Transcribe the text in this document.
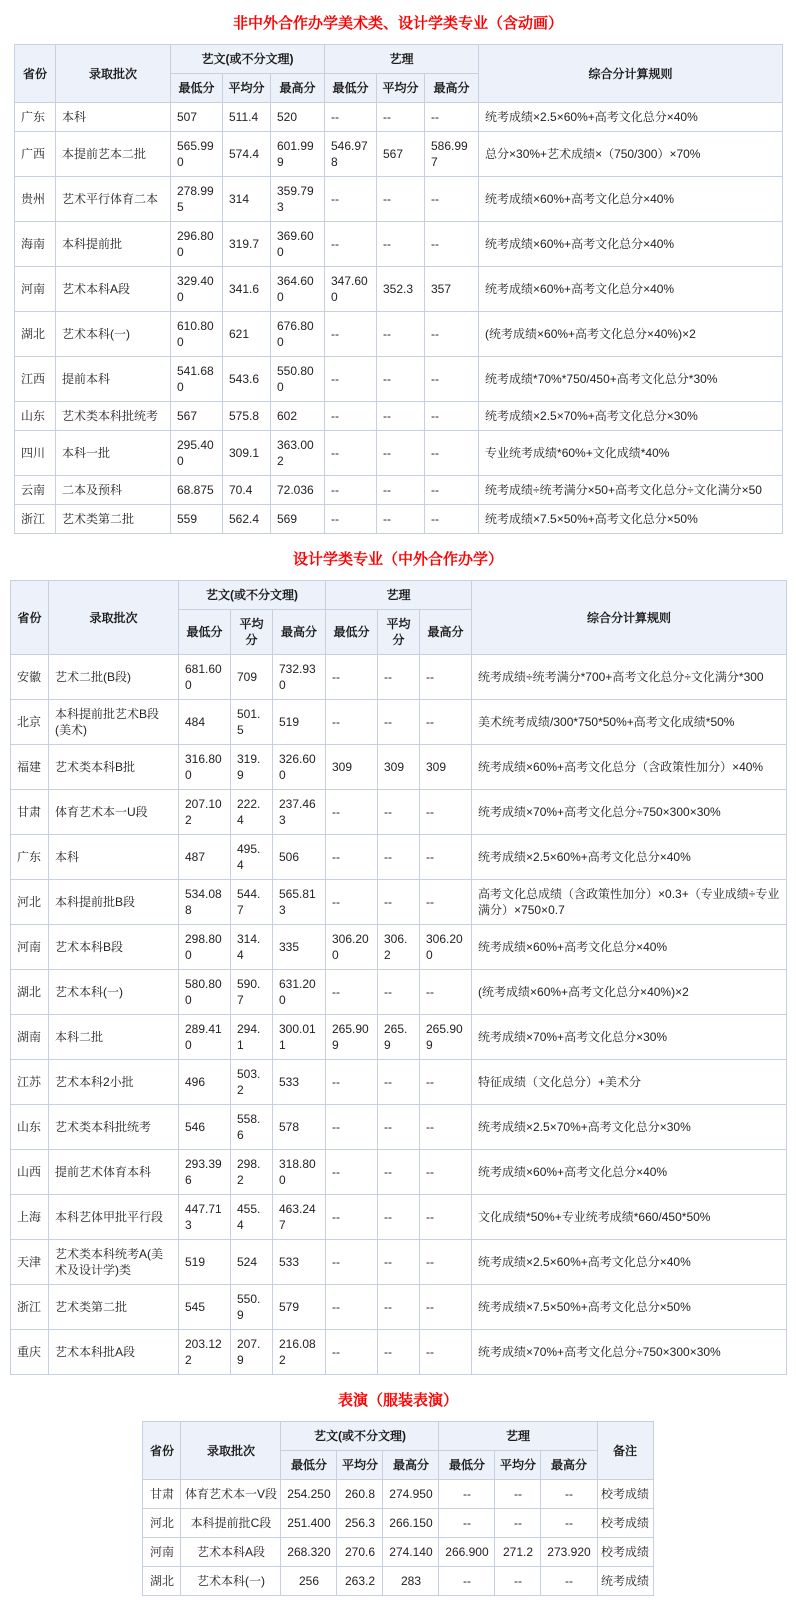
非中外合作办学美术类、设计学类专业（含动画）
省份	录取批次	艺文(或不分文理)			艺理			综合分计算规则
		最低分	平均分	最高分	最低分	平均分	最高分	
广东	本科	507	511.4	520	--	--	--	统考成绩×2.5×60%+高考文化总分×40%
广西	本提前艺本二批	565.990	574.4	601.999	546.978	567	586.997	总分×30%+艺术成绩×（750/300）×70%
贵州	艺术平行体育二本	278.995	314	359.793	--	--	--	统考成绩×60%+高考文化总分×40%
海南	本科提前批	296.800	319.7	369.600	--	--	--	统考成绩×60%+高考文化总分×40%
河南	艺术本科A段	329.400	341.6	364.600	347.600	352.3	357	统考成绩×60%+高考文化总分×40%
湖北	艺术本科(一)	610.800	621	676.800	--	--	--	(统考成绩×60%+高考文化总分×40%)×2
江西	提前本科	541.680	543.6	550.800	--	--	--	统考成绩*70%*750/450+高考文化总分*30%
山东	艺术类本科批统考	567	575.8	602	--	--	--	统考成绩×2.5×70%+高考文化总分×30%
四川	本科一批	295.400	309.1	363.002	--	--	--	专业统考成绩*60%+文化成绩*40%
云南	二本及预科	68.875	70.4	72.036	--	--	--	统考成绩÷统考满分×50+高考文化总分÷文化满分×50
浙江	艺术类第二批	559	562.4	569	--	--	--	统考成绩×7.5×50%+高考文化总分×50%
设计学类专业（中外合作办学）
省份	录取批次	艺文(或不分文理)			艺理			综合分计算规则
		最低分	平均分	最高分	最低分	平均分	最高分	
安徽	艺术二批(B段)	681.600	709	732.930	--	--	--	统考成绩÷统考满分*700+高考文化总分÷文化满分*300
北京	本科提前批艺术B段(美术)	484	501.5	519	--	--	--	美术统考成绩/300*750*50%+高考文化成绩*50%
福建	艺术类本科B批	316.800	319.9	326.600	309	309	309	统考成绩×60%+高考文化总分（含政策性加分）×40%
甘肃	体育艺术本一U段	207.102	222.4	237.463	--	--	--	统考成绩×70%+高考文化总分÷750×300×30%
广东	本科	487	495.4	506	--	--	--	统考成绩×2.5×60%+高考文化总分×40%
河北	本科提前批B段	534.088	544.7	565.813	--	--	--	高考文化总成绩（含政策性加分）×0.3+（专业成绩÷专业满分）×750×0.7
河南	艺术本科B段	298.800	314.4	335	306.200	306.2	306.200	统考成绩×60%+高考文化总分×40%
湖北	艺术本科(一)	580.800	590.7	631.200	--	--	--	(统考成绩×60%+高考文化总分×40%)×2
湖南	本科二批	289.410	294.1	300.011	265.909	265.9	265.909	统考成绩×70%+高考文化总分×30%
江苏	艺术本科2小批	496	503.2	533	--	--	--	特征成绩（文化总分）+美术分
山东	艺术类本科批统考	546	558.6	578	--	--	--	统考成绩×2.5×70%+高考文化总分×30%
山西	提前艺术体育本科	293.396	298.2	318.800	--	--	--	统考成绩×60%+高考文化总分×40%
上海	本科艺体甲批平行段	447.713	455.4	463.247	--	--	--	文化成绩*50%+专业统考成绩*660/450*50%
天津	艺术类本科统考A(美术及设计学)类	519	524	533	--	--	--	统考成绩×2.5×60%+高考文化总分×40%
浙江	艺术类第二批	545	550.9	579	--	--	--	统考成绩×7.5×50%+高考文化总分×50%
重庆	艺术本科批A段	203.122	207.9	216.082	--	--	--	统考成绩×70%+高考文化总分÷750×300×30%
表演（服装表演）
省份	录取批次	艺文(或不分文理)			艺理			备注
		最低分	平均分	最高分	最低分	平均分	最高分	
甘肃	体育艺术本一V段	254.250	260.8	274.950	--	--	--	校考成绩
河北	本科提前批C段	251.400	256.3	266.150	--	--	--	校考成绩
河南	艺术本科A段	268.320	270.6	274.140	266.900	271.2	273.920	校考成绩
湖北	艺术本科(一)	256	263.2	283	--	--	--	统考成绩
